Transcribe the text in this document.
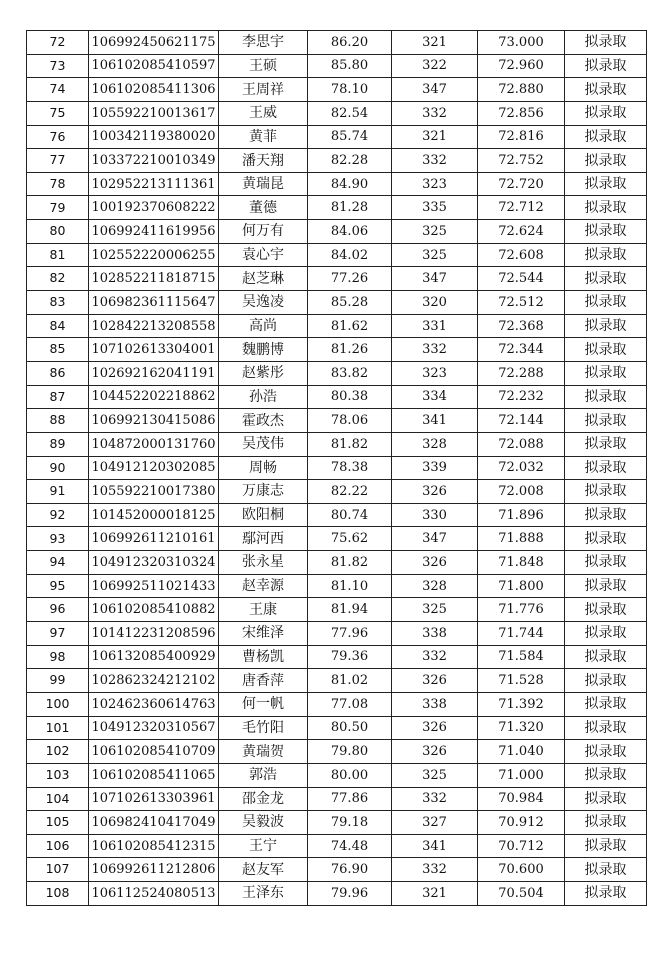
72	106992450621175	李思宇	86.20	321	73.000	拟录取
73	106102085410597	王硕	85.80	322	72.960	拟录取
74	106102085411306	王周祥	78.10	347	72.880	拟录取
75	105592210013617	王威	82.54	332	72.856	拟录取
76	100342119380020	黄菲	85.74	321	72.816	拟录取
77	103372210010349	潘天翔	82.28	332	72.752	拟录取
78	102952213111361	黄瑞昆	84.90	323	72.720	拟录取
79	100192370608222	董德	81.28	335	72.712	拟录取
80	106992411619956	何万有	84.06	325	72.624	拟录取
81	102552220006255	袁心宇	84.02	325	72.608	拟录取
82	102852211818715	赵芝琳	77.26	347	72.544	拟录取
83	106982361115647	吴逸凌	85.28	320	72.512	拟录取
84	102842213208558	高尚	81.62	331	72.368	拟录取
85	107102613304001	魏鹏博	81.26	332	72.344	拟录取
86	102692162041191	赵紫彤	83.82	323	72.288	拟录取
87	104452202218862	孙浩	80.38	334	72.232	拟录取
88	106992130415086	霍政杰	78.06	341	72.144	拟录取
89	104872000131760	吴茂伟	81.82	328	72.088	拟录取
90	104912120302085	周畅	78.38	339	72.032	拟录取
91	105592210017380	万康志	82.22	326	72.008	拟录取
92	101452000018125	欧阳桐	80.74	330	71.896	拟录取
93	106992611210161	鄢河西	75.62	347	71.888	拟录取
94	104912320310324	张永星	81.82	326	71.848	拟录取
95	106992511021433	赵幸源	81.10	328	71.800	拟录取
96	106102085410882	王康	81.94	325	71.776	拟录取
97	101412231208596	宋维泽	77.96	338	71.744	拟录取
98	106132085400929	曹杨凯	79.36	332	71.584	拟录取
99	102862324212102	唐香萍	81.02	326	71.528	拟录取
100	102462360614763	何一帆	77.08	338	71.392	拟录取
101	104912320310567	毛竹阳	80.50	326	71.320	拟录取
102	106102085410709	黄瑞贺	79.80	326	71.040	拟录取
103	106102085411065	郭浩	80.00	325	71.000	拟录取
104	107102613303961	邵金龙	77.86	332	70.984	拟录取
105	106982410417049	吴毅波	79.18	327	70.912	拟录取
106	106102085412315	王宁	74.48	341	70.712	拟录取
107	106992611212806	赵友军	76.90	332	70.600	拟录取
108	106112524080513	王泽东	79.96	321	70.504	拟录取
